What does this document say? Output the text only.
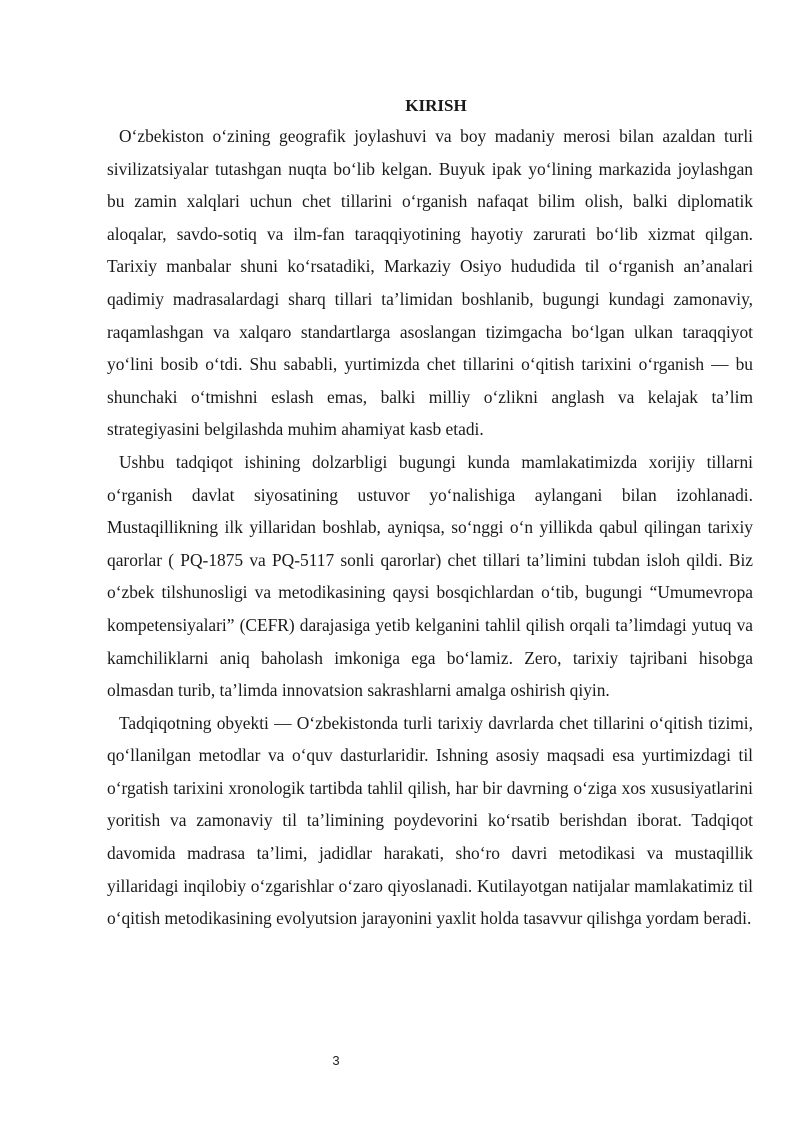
KIRISH

O‘zbekiston o‘zining geografik joylashuvi va boy madaniy merosi bilan azaldan turli sivilizatsiyalar tutashgan nuqta bo‘lib kelgan. Buyuk ipak yo‘lining markazida joylashgan bu zamin xalqlari uchun chet tillarini o‘rganish nafaqat bilim olish, balki diplomatik aloqalar, savdo-sotiq va ilm-fan taraqqiyotining hayotiy zarurati bo‘lib xizmat qilgan. Tarixiy manbalar shuni ko‘rsatadiki, Markaziy Osiyo hududida til o‘rganish an’analari qadimiy madrasalardagi sharq tillari ta’limidan boshlanib, bugungi kundagi zamonaviy, raqamlashgan va xalqaro standartlarga asoslangan tizimgacha bo‘lgan ulkan taraqqiyot yo‘lini bosib o‘tdi. Shu sababli, yurtimizda chet tillarini o‘qitish tarixini o‘rganish — bu shunchaki o‘tmishni eslash emas, balki milliy o‘zlikni anglash va kelajak ta’lim strategiyasini belgilashda muhim ahamiyat kasb etadi.

Ushbu tadqiqot ishining dolzarbligi bugungi kunda mamlakatimizda xorijiy tillarni o‘rganish davlat siyosatining ustuvor yo‘nalishiga aylangani bilan izohlanadi. Mustaqillikning ilk yillaridan boshlab, ayniqsa, so‘nggi o‘n yillikda qabul qilingan tarixiy qarorlar ( PQ-1875 va PQ-5117 sonli qarorlar) chet tillari ta’limini tubdan isloh qildi. Biz o‘zbek tilshunosligi va metodikasining qaysi bosqichlardan o‘tib, bugungi “Umumevropa kompetensiyalari” (CEFR) darajasiga yetib kelganini tahlil qilish orqali ta’limdagi yutuq va kamchiliklarni aniq baholash imkoniga ega bo‘lamiz. Zero, tarixiy tajribani hisobga olmasdan turib, ta’limda innovatsion sakrashlarni amalga oshirish qiyin.

Tadqiqotning obyekti — O‘zbekistonda turli tarixiy davrlarda chet tillarini o‘qitish tizimi, qo‘llanilgan metodlar va o‘quv dasturlaridir. Ishning asosiy maqsadi esa yurtimizdagi til o‘rgatish tarixini xronologik tartibda tahlil qilish, har bir davrning o‘ziga xos xususiyatlarini yoritish va zamonaviy til ta’limining poydevorini ko‘rsatib berishdan iborat. Tadqiqot davomida madrasa ta’limi, jadidlar harakati, sho‘ro davri metodikasi va mustaqillik yillaridagi inqilobiy o‘zgarishlar o‘zaro qiyoslanadi. Kutilayotgan natijalar mamlakatimiz til o‘qitish metodikasining evolyutsion jarayonini yaxlit holda tasavvur qilishga yordam beradi.

3
